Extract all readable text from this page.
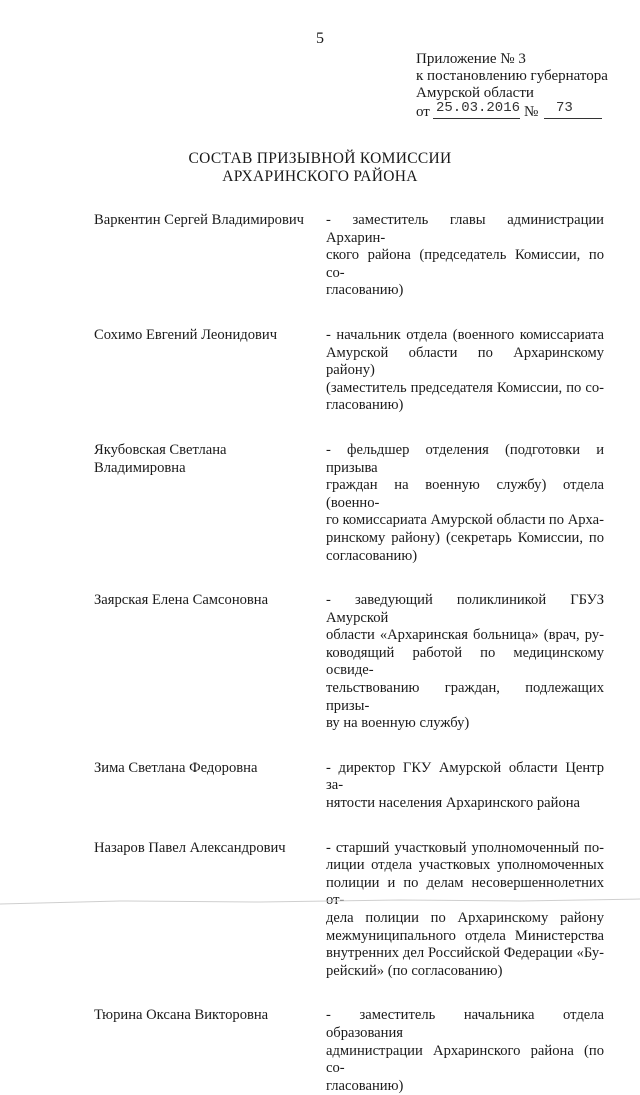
5
Приложение № 3
к постановлению губернатора
Амурской области
от 25.03.2016 № 73
СОСТАВ ПРИЗЫВНОЙ КОМИССИИ
АРХАРИНСКОГО РАЙОНА
Варкентин Сергей Владимирович	- заместитель главы администрации Архарин-
ского района (председатель Комиссии, по со-
гласованию)
Сохимо Евгений Леонидович	- начальник отдела (военного комиссариата
Амурской области по Архаринскому району)
(заместитель председателя Комиссии, по со-
гласованию)
Якубовская Светлана
Владимировна
- фельдшер отделения (подготовки и призыва
граждан на военную службу) отдела (военно-
го комиссариата Амурской области по Арха-
ринскому району) (секретарь Комиссии, по
согласованию)
Заярская Елена Самсоновна	- заведующий поликлиникой ГБУЗ Амурской
области «Архаринская больница» (врач, ру-
ководящий работой по медицинскому освиде-
тельствованию граждан, подлежащих призы-
ву на военную службу)
Зима Светлана Федоровна	- директор ГКУ Амурской области Центр за-
нятости населения Архаринского района
Назаров Павел Александрович	- старший участковый уполномоченный по-
лиции отдела участковых уполномоченных
полиции и по делам несовершеннолетних от-
дела полиции по Архаринскому району
межмуниципального отдела Министерства
внутренних дел Российской Федерации «Бу-
рейский» (по согласованию)
Тюрина Оксана Викторовна	- заместитель начальника отдела образования
администрации Архаринского района (по со-
гласованию)
